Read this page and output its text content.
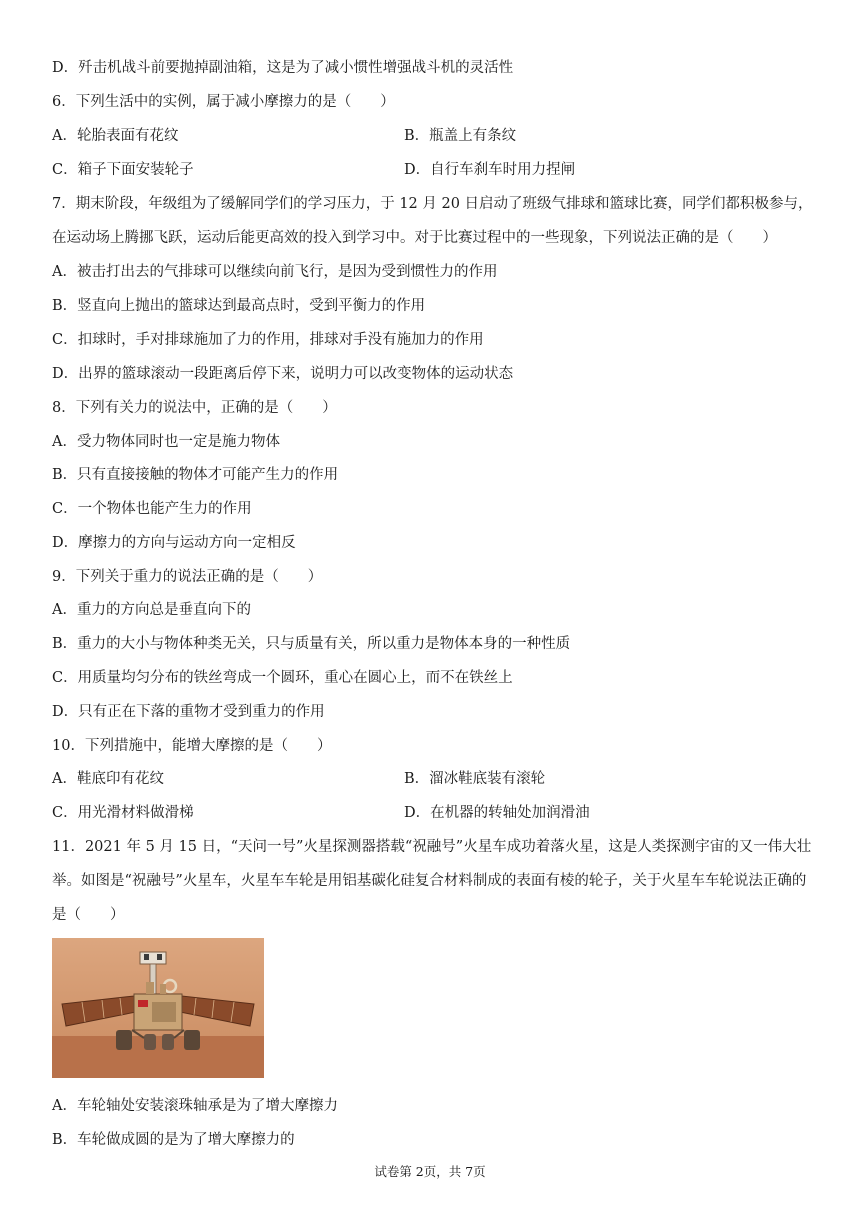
D．歼击机战斗前要抛掉副油箱，这是为了减小惯性增强战斗机的灵活性
6．下列生活中的实例，属于减小摩擦力的是（　　）
A．轮胎表面有花纹	B．瓶盖上有条纹
C．箱子下面安装轮子	D．自行车刹车时用力捏闸
7．期末阶段，年级组为了缓解同学们的学习压力，于 12 月 20 日启动了班级气排球和篮球比赛，同学们都积极参与，在运动场上腾挪飞跃，运动后能更高效的投入到学习中。对于比赛过程中的一些现象，下列说法正确的是（　　）
A．被击打出去的气排球可以继续向前飞行，是因为受到惯性力的作用
B．竖直向上抛出的篮球达到最高点时，受到平衡力的作用
C．扣球时，手对排球施加了力的作用，排球对手没有施加力的作用
D．出界的篮球滚动一段距离后停下来，说明力可以改变物体的运动状态
8．下列有关力的说法中，正确的是（　　）
A．受力物体同时也一定是施力物体
B．只有直接接触的物体才可能产生力的作用
C．一个物体也能产生力的作用
D．摩擦力的方向与运动方向一定相反
9．下列关于重力的说法正确的是（　　）
A．重力的方向总是垂直向下的
B．重力的大小与物体种类无关，只与质量有关，所以重力是物体本身的一种性质
C．用质量均匀分布的铁丝弯成一个圆环，重心在圆心上，而不在铁丝上
D．只有正在下落的重物才受到重力的作用
10．下列措施中，能增大摩擦的是（　　）
A．鞋底印有花纹	B．溜冰鞋底装有滚轮
C．用光滑材料做滑梯	D．在机器的转轴处加润滑油
11．2021 年 5 月 15 日，“天问一号”火星探测器搭载“祝融号”火星车成功着落火星，这是人类探测宇宙的又一伟大壮举。如图是“祝融号”火星车，火星车车轮是用铝基碳化硅复合材料制成的表面有棱的轮子，关于火星车车轮说法正确的是（　　）
A．车轮轴处安装滚珠轴承是为了增大摩擦力
B．车轮做成圆的是为了增大摩擦力的
试卷第 2页，共 7页
